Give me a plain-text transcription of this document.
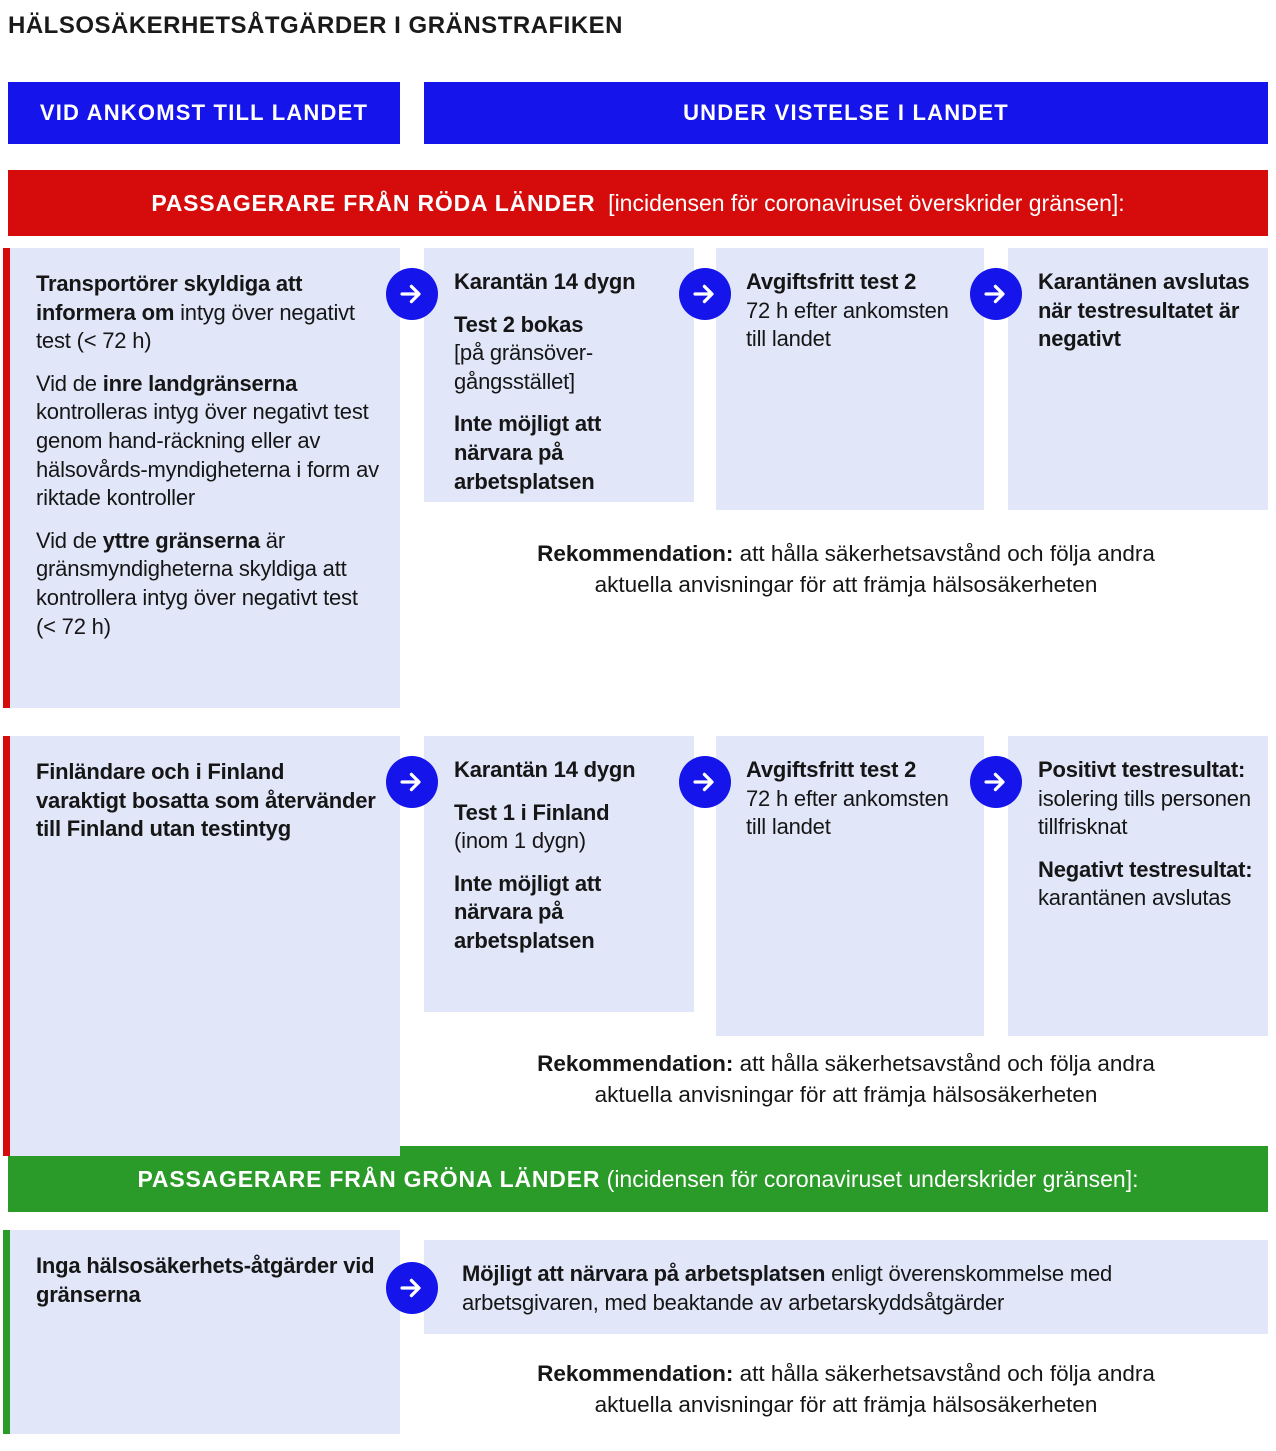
HÄLSOSÄKERHETSÅTGÄRDER I GRÄNSTRAFIKEN
VID ANKOMST TILL LANDET	UNDER VISTELSE I LANDET
PASSAGERARE FRÅN RÖDA LÄNDER [incidensen för coronaviruset överskrider gränsen]:

Transportörer skyldiga att informera om intyg över negativt test (< 72 h)

Vid de inre landgränserna kontrolleras intyg över negativt test genom hand-räckning eller av hälsovårds-myndigheterna i form av riktade kontroller

Vid de yttre gränserna är gränsmyndigheterna skyldiga att kontrollera intyg över negativt test (< 72 h)

Karantän 14 dygn

Test 2 bokas
[på gränsöver-gångsstället]

Inte möjligt att närvara på arbetsplatsen

Avgiftsfritt test 2
72 h efter ankomsten till landet

Karantänen avslutas när testresultatet är negativt

Rekommendation: att hålla säkerhetsavstånd och följa andra aktuella anvisningar för att främja hälsosäkerheten

Finländare och i Finland varaktigt bosatta som återvänder till Finland utan testintyg

Karantän 14 dygn

Test 1 i Finland
(inom 1 dygn)

Inte möjligt att närvara på arbetsplatsen

Avgiftsfritt test 2
72 h efter ankomsten till landet

Positivt testresultat:
isolering tills personen tillfrisknat

Negativt testresultat:
karantänen avslutas

Rekommendation: att hålla säkerhetsavstånd och följa andra aktuella anvisningar för att främja hälsosäkerheten
PASSAGERARE FRÅN GRÖNA LÄNDER (incidensen för coronaviruset underskrider gränsen]:

Inga hälsosäkerhets-åtgärder vid gränserna

Möjligt att närvara på arbetsplatsen enligt överenskommelse med arbetsgivaren, med beaktande av arbetarskyddsåtgärder

Rekommendation: att hålla säkerhetsavstånd och följa andra aktuella anvisningar för att främja hälsosäkerheten
